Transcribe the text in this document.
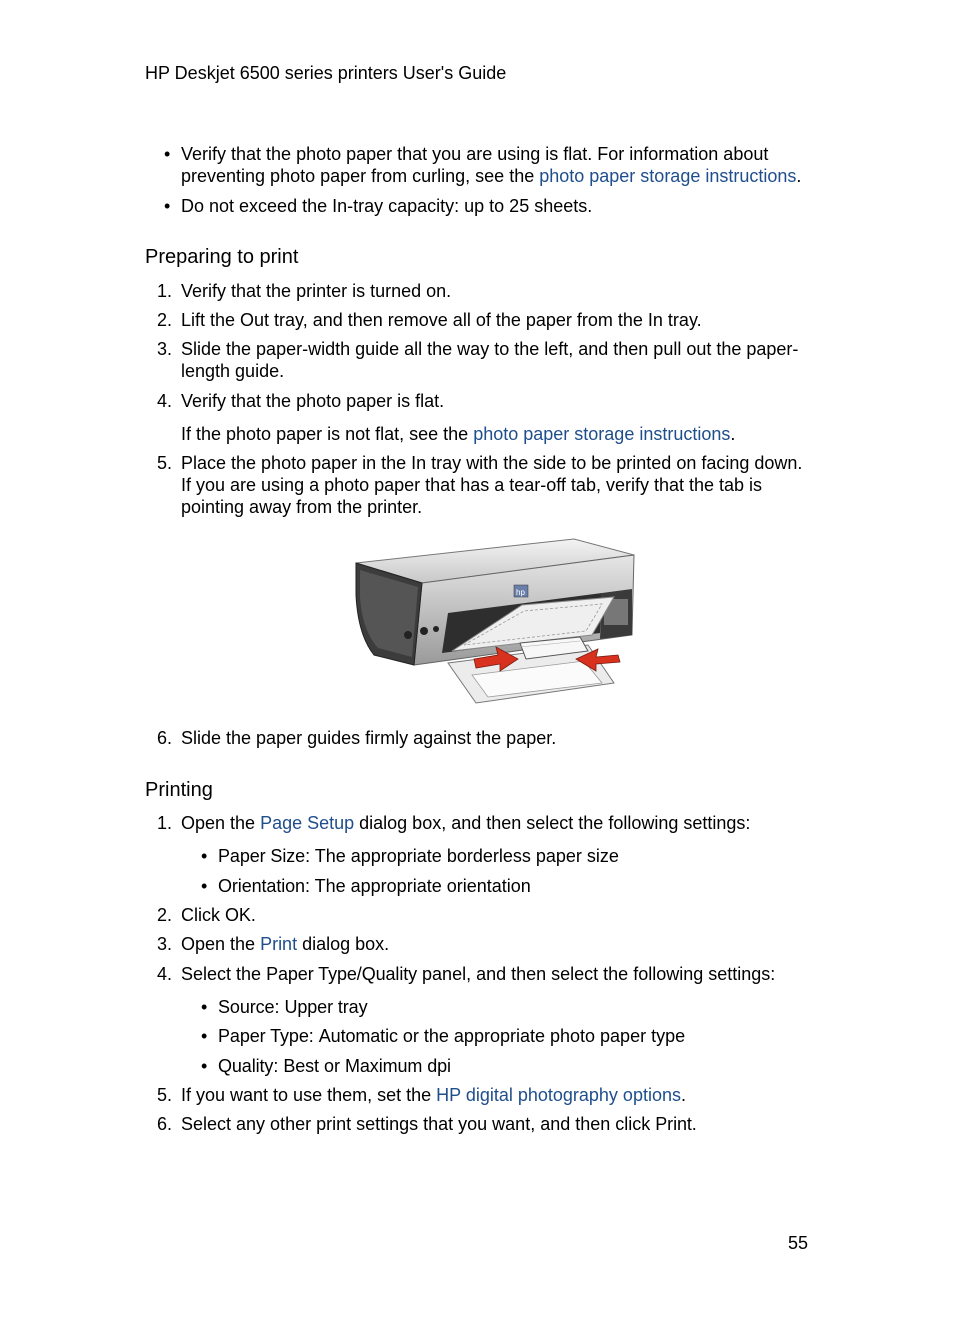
HP Deskjet 6500 series printers User's Guide
• Verify that the photo paper that you are using is flat. For information about
preventing photo paper from curling, see the photo paper storage instructions.
• Do not exceed the In-tray capacity: up to 25 sheets.
Preparing to print
1. Verify that the printer is turned on.
2. Lift the Out tray, and then remove all of the paper from the In tray.
3. Slide the paper-width guide all the way to the left, and then pull out the paper-
length guide.
4. Verify that the photo paper is flat.
If the photo paper is not flat, see the photo paper storage instructions.
5. Place the photo paper in the In tray with the side to be printed on facing down.
If you are using a photo paper that has a tear-off tab, verify that the tab is
pointing away from the printer.
hp
6. Slide the paper guides firmly against the paper.
Printing
1. Open the Page Setup dialog box, and then select the following settings:
• Paper Size: The appropriate borderless paper size
• Orientation: The appropriate orientation
2. Click OK.
3. Open the Print dialog box.
4. Select the Paper Type/Quality panel, and then select the following settings:
• Source: Upper tray
• Paper Type: Automatic or the appropriate photo paper type
• Quality: Best or Maximum dpi
5. If you want to use them, set the HP digital photography options.
6. Select any other print settings that you want, and then click Print.
55
